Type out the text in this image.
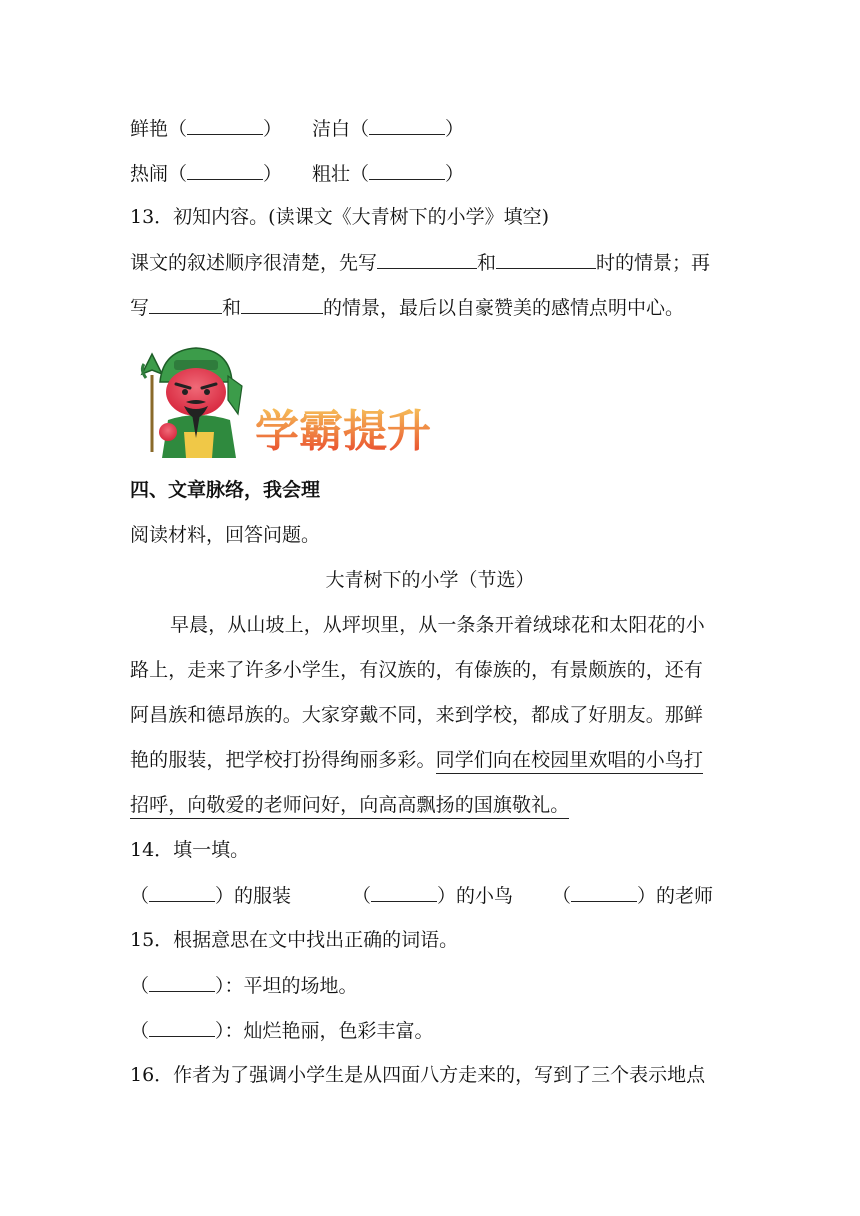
鲜艳（	） 洁白（	）
热闹（	） 粗壮（	）
13．初知内容。(读课文《大青树下的小学》填空)
课文的叙述顺序很清楚，先写	和	时的情景；再
写	和	的情景，最后以自豪赞美的感情点明中心。
学霸提升
四、文章脉络，我会理
阅读材料，回答问题。
大青树下的小学（节选）
早晨，从山坡上，从坪坝里，从一条条开着绒球花和太阳花的小
路上，走来了许多小学生，有汉族的，有傣族的，有景颇族的，还有
阿昌族和德昂族的。大家穿戴不同，来到学校，都成了好朋友。那鲜
艳的服装，把学校打扮得绚丽多彩。同学们向在校园里欢唱的小鸟打
招呼，向敬爱的老师问好，向高高飘扬的国旗敬礼。
14．填一填。
（	）的服装	（	）的小鸟 （	）的老师
15．根据意思在文中找出正确的词语。
（	）：平坦的场地。
（	）：灿烂艳丽，色彩丰富。
16．作者为了强调小学生是从四面八方走来的，写到了三个表示地点
